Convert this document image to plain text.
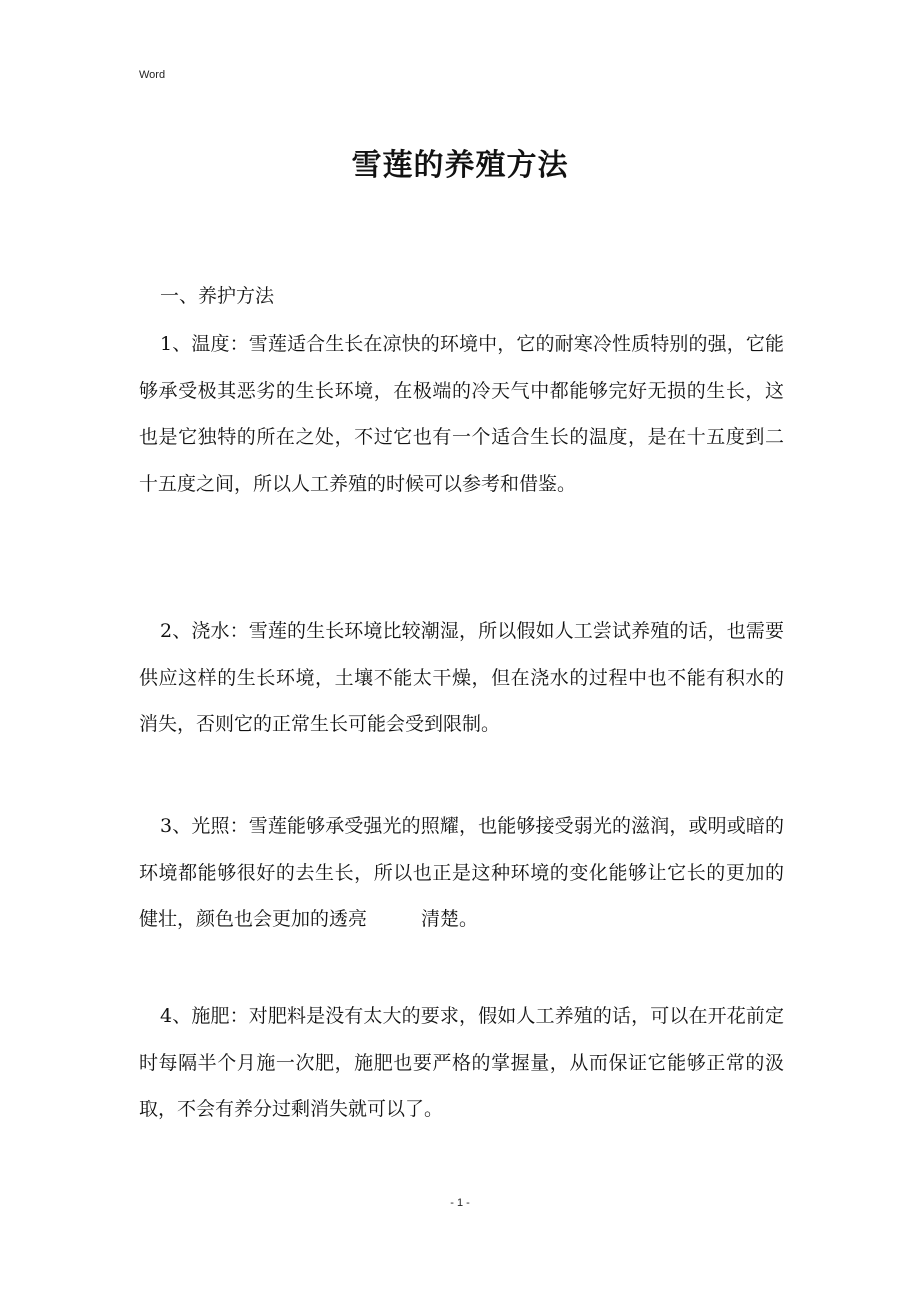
Word
雪莲的养殖方法

一、养护方法

1、温度：雪莲适合生长在凉快的环境中，它的耐寒冷性质特别的强，它能够承受极其恶劣的生长环境，在极端的冷天气中都能够完好无损的生长，这也是它独特的所在之处，不过它也有一个适合生长的温度，是在十五度到二十五度之间，所以人工养殖的时候可以参考和借鉴。

2、浇水：雪莲的生长环境比较潮湿，所以假如人工尝试养殖的话，也需要供应这样的生长环境，土壤不能太干燥，但在浇水的过程中也不能有积水的消失，否则它的正常生长可能会受到限制。

3、光照：雪莲能够承受强光的照耀，也能够接受弱光的滋润，或明或暗的环境都能够很好的去生长，所以也正是这种环境的变化能够让它长的更加的健壮，颜色也会更加的透亮	清楚。

4、施肥：对肥料是没有太大的要求，假如人工养殖的话，可以在开花前定时每隔半个月施一次肥，施肥也要严格的掌握量，从而保证它能够正常的汲取，不会有养分过剩消失就可以了。

- 1 -
